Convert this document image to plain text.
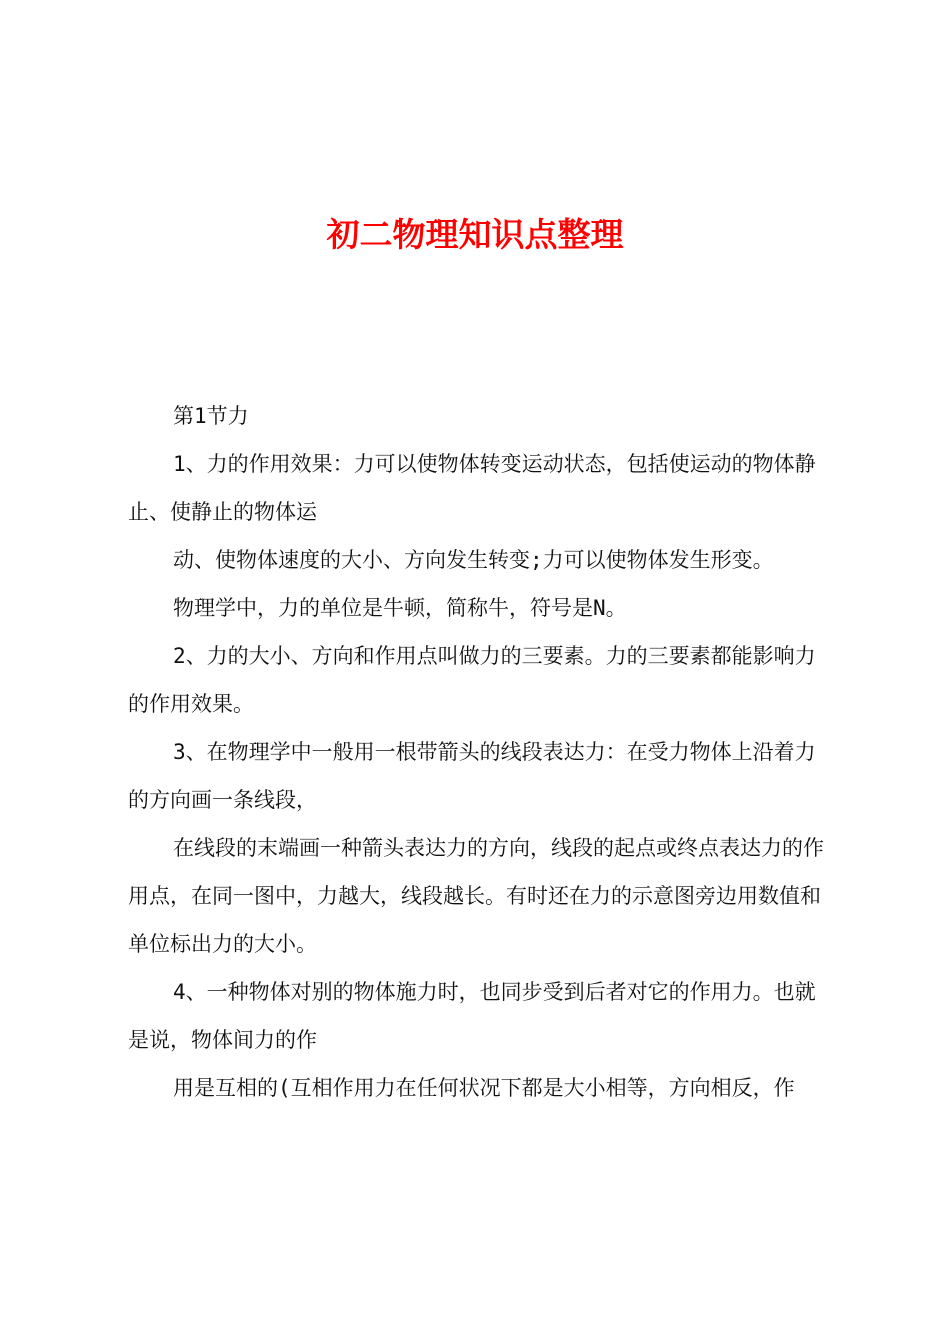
初二物理知识点整理

第1节力

1、力的作用效果：力可以使物体转变运动状态，包括使运动的物体静止、使静止的物体运

动、使物体速度的大小、方向发生转变;力可以使物体发生形变。

物理学中，力的单位是牛顿，简称牛，符号是N。

2、力的大小、方向和作用点叫做力的三要素。力的三要素都能影响力的作用效果。

3、在物理学中一般用一根带箭头的线段表达力：在受力物体上沿着力的方向画一条线段，

在线段的末端画一种箭头表达力的方向，线段的起点或终点表达力的作用点，在同一图中，力越大，线段越长。有时还在力的示意图旁边用数值和单位标出力的大小。

4、一种物体对别的物体施力时，也同步受到后者对它的作用力。也就是说，物体间力的作

用是互相的(互相作用力在任何状况下都是大小相等，方向相反，作
